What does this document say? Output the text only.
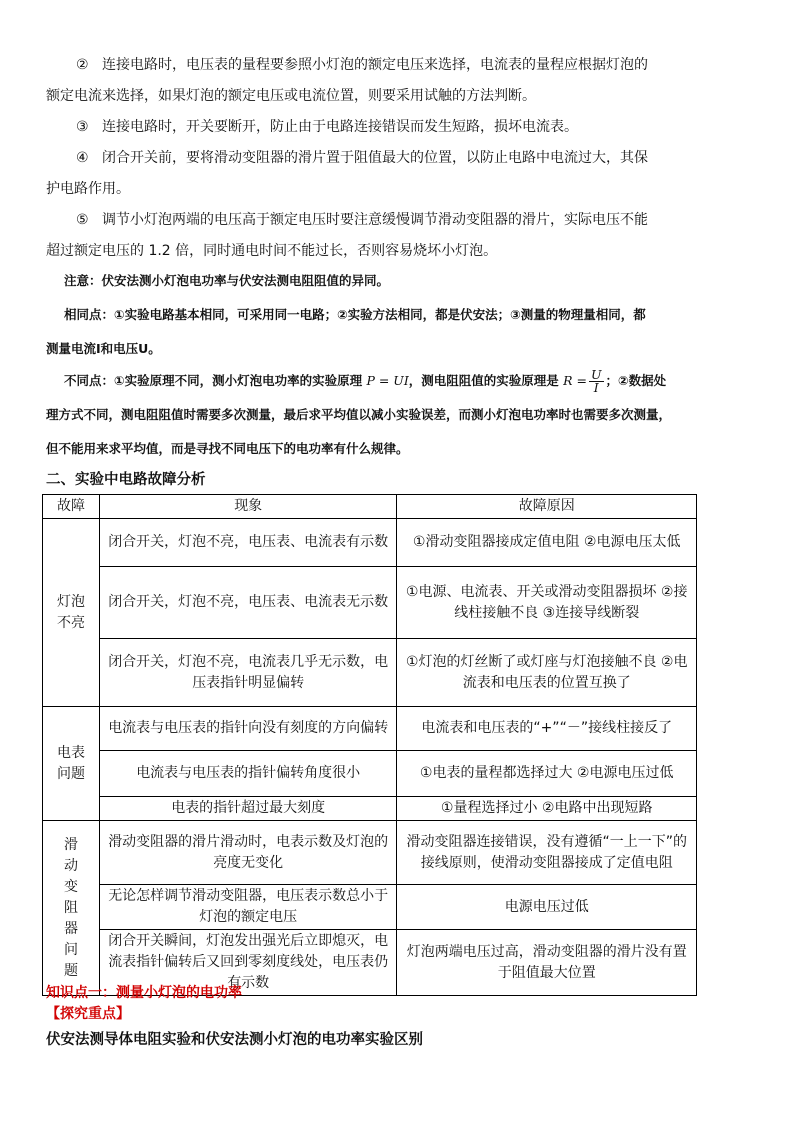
② 连接电路时，电压表的量程要参照小灯泡的额定电压来选择，电流表的量程应根据灯泡的
额定电流来选择，如果灯泡的额定电压或电流位置，则要采用试触的方法判断。
③ 连接电路时，开关要断开，防止由于电路连接错误而发生短路，损坏电流表。
④ 闭合开关前，要将滑动变阻器的滑片置于阻值最大的位置，以防止电路中电流过大，其保
护电路作用。
⑤ 调节小灯泡两端的电压高于额定电压时要注意缓慢调节滑动变阻器的滑片，实际电压不能
超过额定电压的 1.2 倍，同时通电时间不能过长，否则容易烧坏小灯泡。
注意：伏安法测小灯泡电功率与伏安法测电阻阻值的异同。
相同点：①实验电路基本相同，可采用同一电路；②实验方法相同，都是伏安法；③测量的物理量相同，都
测量电流I和电压U。
不同点：①实验原理不同，测小灯泡电功率的实验原理 P = UI，测电阻阻值的实验原理是 $R = \frac{U}{I}$ ；②数据处
理方式不同，测电阻阻值时需要多次测量，最后求平均值以减小实验误差，而测小灯泡电功率时也需要多次测量，
但不能用来求平均值，而是寻找不同电压下的电功率有什么规律。
二、实验中电路故障分析
故障	现象	故障原因
灯泡不亮	闭合开关，灯泡不亮，电压表、电流表有示数	①滑动变阻器接成定值电阻 ②电源电压太低
	闭合开关，灯泡不亮，电压表、电流表无示数	①电源、电流表、开关或滑动变阻器损坏 ②接线柱接触不良 ③连接导线断裂
	闭合开关，灯泡不亮，电流表几乎无示数，电压表指针明显偏转	①灯泡的灯丝断了或灯座与灯泡接触不良 ②电流表和电压表的位置互换了
电表问题	电流表与电压表的指针向没有刻度的方向偏转	电流表和电压表的“+”“－”接线柱接反了
	电流表与电压表的指针偏转角度很小	①电表的量程都选择过大 ②电源电压过低
	电表的指针超过最大刻度	①量程选择过小 ②电路中出现短路
滑动变阻器问题	滑动变阻器的滑片滑动时，电表示数及灯泡的亮度无变化	滑动变阻器连接错误，没有遵循“一上一下”的接线原则，使滑动变阻器接成了定值电阻
	无论怎样调节滑动变阻器，电压表示数总小于灯泡的额定电压	电源电压过低
	闭合开关瞬间，灯泡发出强光后立即熄灭，电流表指针偏转后又回到零刻度线处，电压表仍有示数	灯泡两端电压过高，滑动变阻器的滑片没有置于阻值最大位置
知识点一：测量小灯泡的电功率
【探究重点】
伏安法测导体电阻实验和伏安法测小灯泡的电功率实验区别
